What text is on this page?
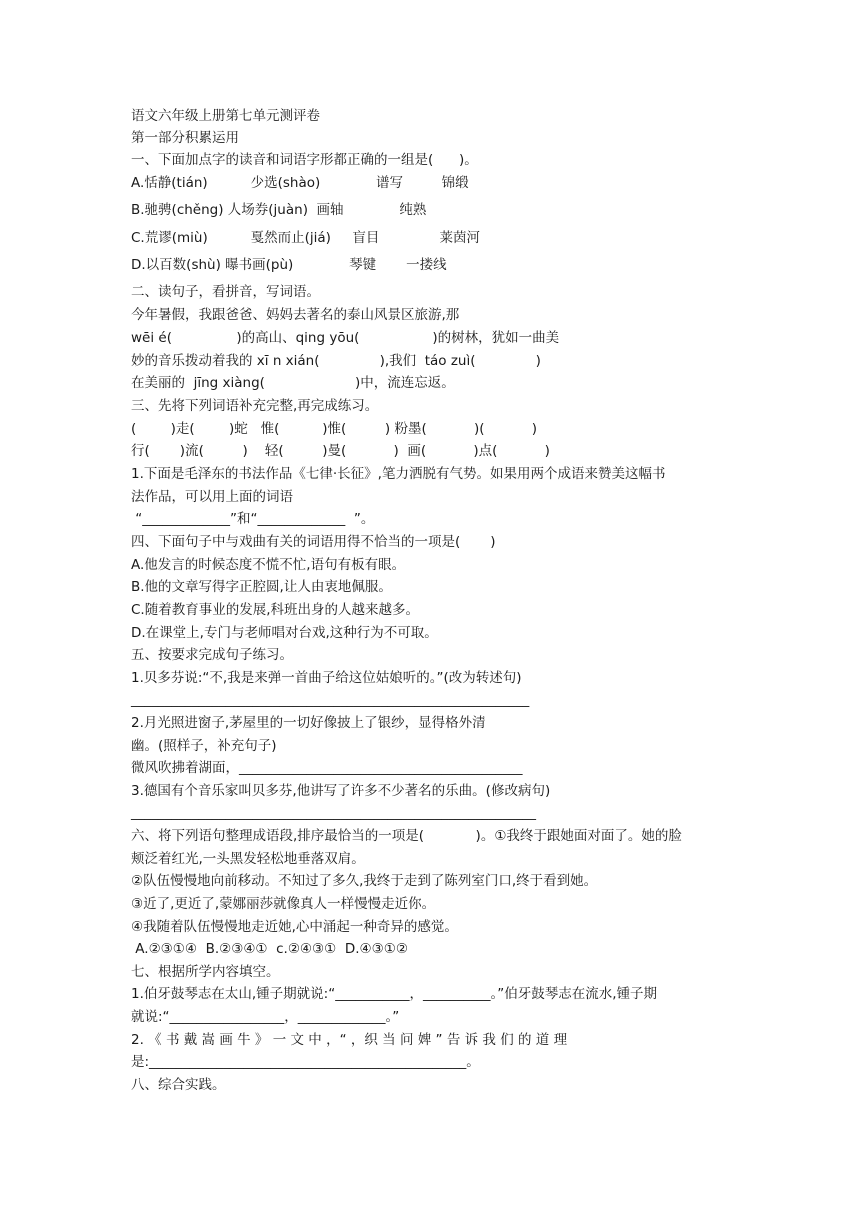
语文六年级上册第七单元测评卷
第一部分积累运用
一、下面加点字的读音和词语字形都正确的一组是(      )。
A.恬静(tián)          少选(shào)             谱写         锦缎
B.驰骋(chěng) 人场券(juàn)  画轴             纯熟
C.荒谬(miù)          戛然而止(jiá)     盲目              莱茵河
D.以百数(shù) 曝书画(pù)             琴键       一搂线
二、读句子，看拼音，写词语。
今年暑假，我跟爸爸、妈妈去著名的泰山风景区旅游,那
wēi é(               )的高山、qing yōu(                 )的树林，犹如一曲美
妙的音乐拨动着我的 xī n xián(              ),我们  táo zuì(              )
在美丽的  jīng xiàng(                     )中，流连忘返。
三、先将下列词语补充完整,再完成练习。
(        )走(        )蛇   惟(          )惟(         ) 粉墨(           )(           )
行(       )流(         )    轻(         )曼(           )  画(           )点(           )
1.下面是毛泽东的书法作品《七律·长征》,笔力洒脱有气势。如果用两个成语来赞美这幅书
法作品，可以用上面的词语
“_____________”和“_____________  ”。
四、下面句子中与戏曲有关的词语用得不恰当的一项是(       )
A.他发言的时候态度不慌不忙,语句有板有眼。
B.他的文章写得字正腔圆,让人由衷地佩服。
C.随着教育事业的发展,科班出身的人越来越多。
D.在课堂上,专门与老师唱对台戏,这种行为不可取。
五、按要求完成句子练习。
1.贝多芬说:“不,我是来弹一首曲子给这位姑娘听的。”(改为转述句)
___________________________________________________________
2.月光照进窗子,茅屋里的一切好像披上了银纱，显得格外清
幽。(照样子，补充句子)
微风吹拂着湖面，__________________________________________
3.德国有个音乐家叫贝多芬,他讲写了许多不少著名的乐曲。(修改病句)
____________________________________________________________
六、将下列语句整理成语段,排序最恰当的一项是(            )。①我终于跟她面对面了。她的脸
颊泛着红光,一头黑发轻松地垂落双肩。
②队伍慢慢地向前移动。不知过了多久,我终于走到了陈列室门口,终于看到她。
③近了,更近了,蒙娜丽莎就像真人一样慢慢走近你。
④我随着队伍慢慢地走近她,心中涌起一种奇异的感觉。
A.②③①④  B.②③④①  c.②④③①  D.④③①②
七、根据所学内容填空。
1.伯牙鼓琴志在太山,锺子期就说:“___________，__________。”伯牙鼓琴志在流水,锺子期
就说:“_________________，_____________。”
2. 《 书 戴 嵩 画 牛 》 一 文 中 ，“ ，织 当 问 婢 ” 告 诉 我 们 的 道 理
是:_______________________________________________。
八、综合实践。
